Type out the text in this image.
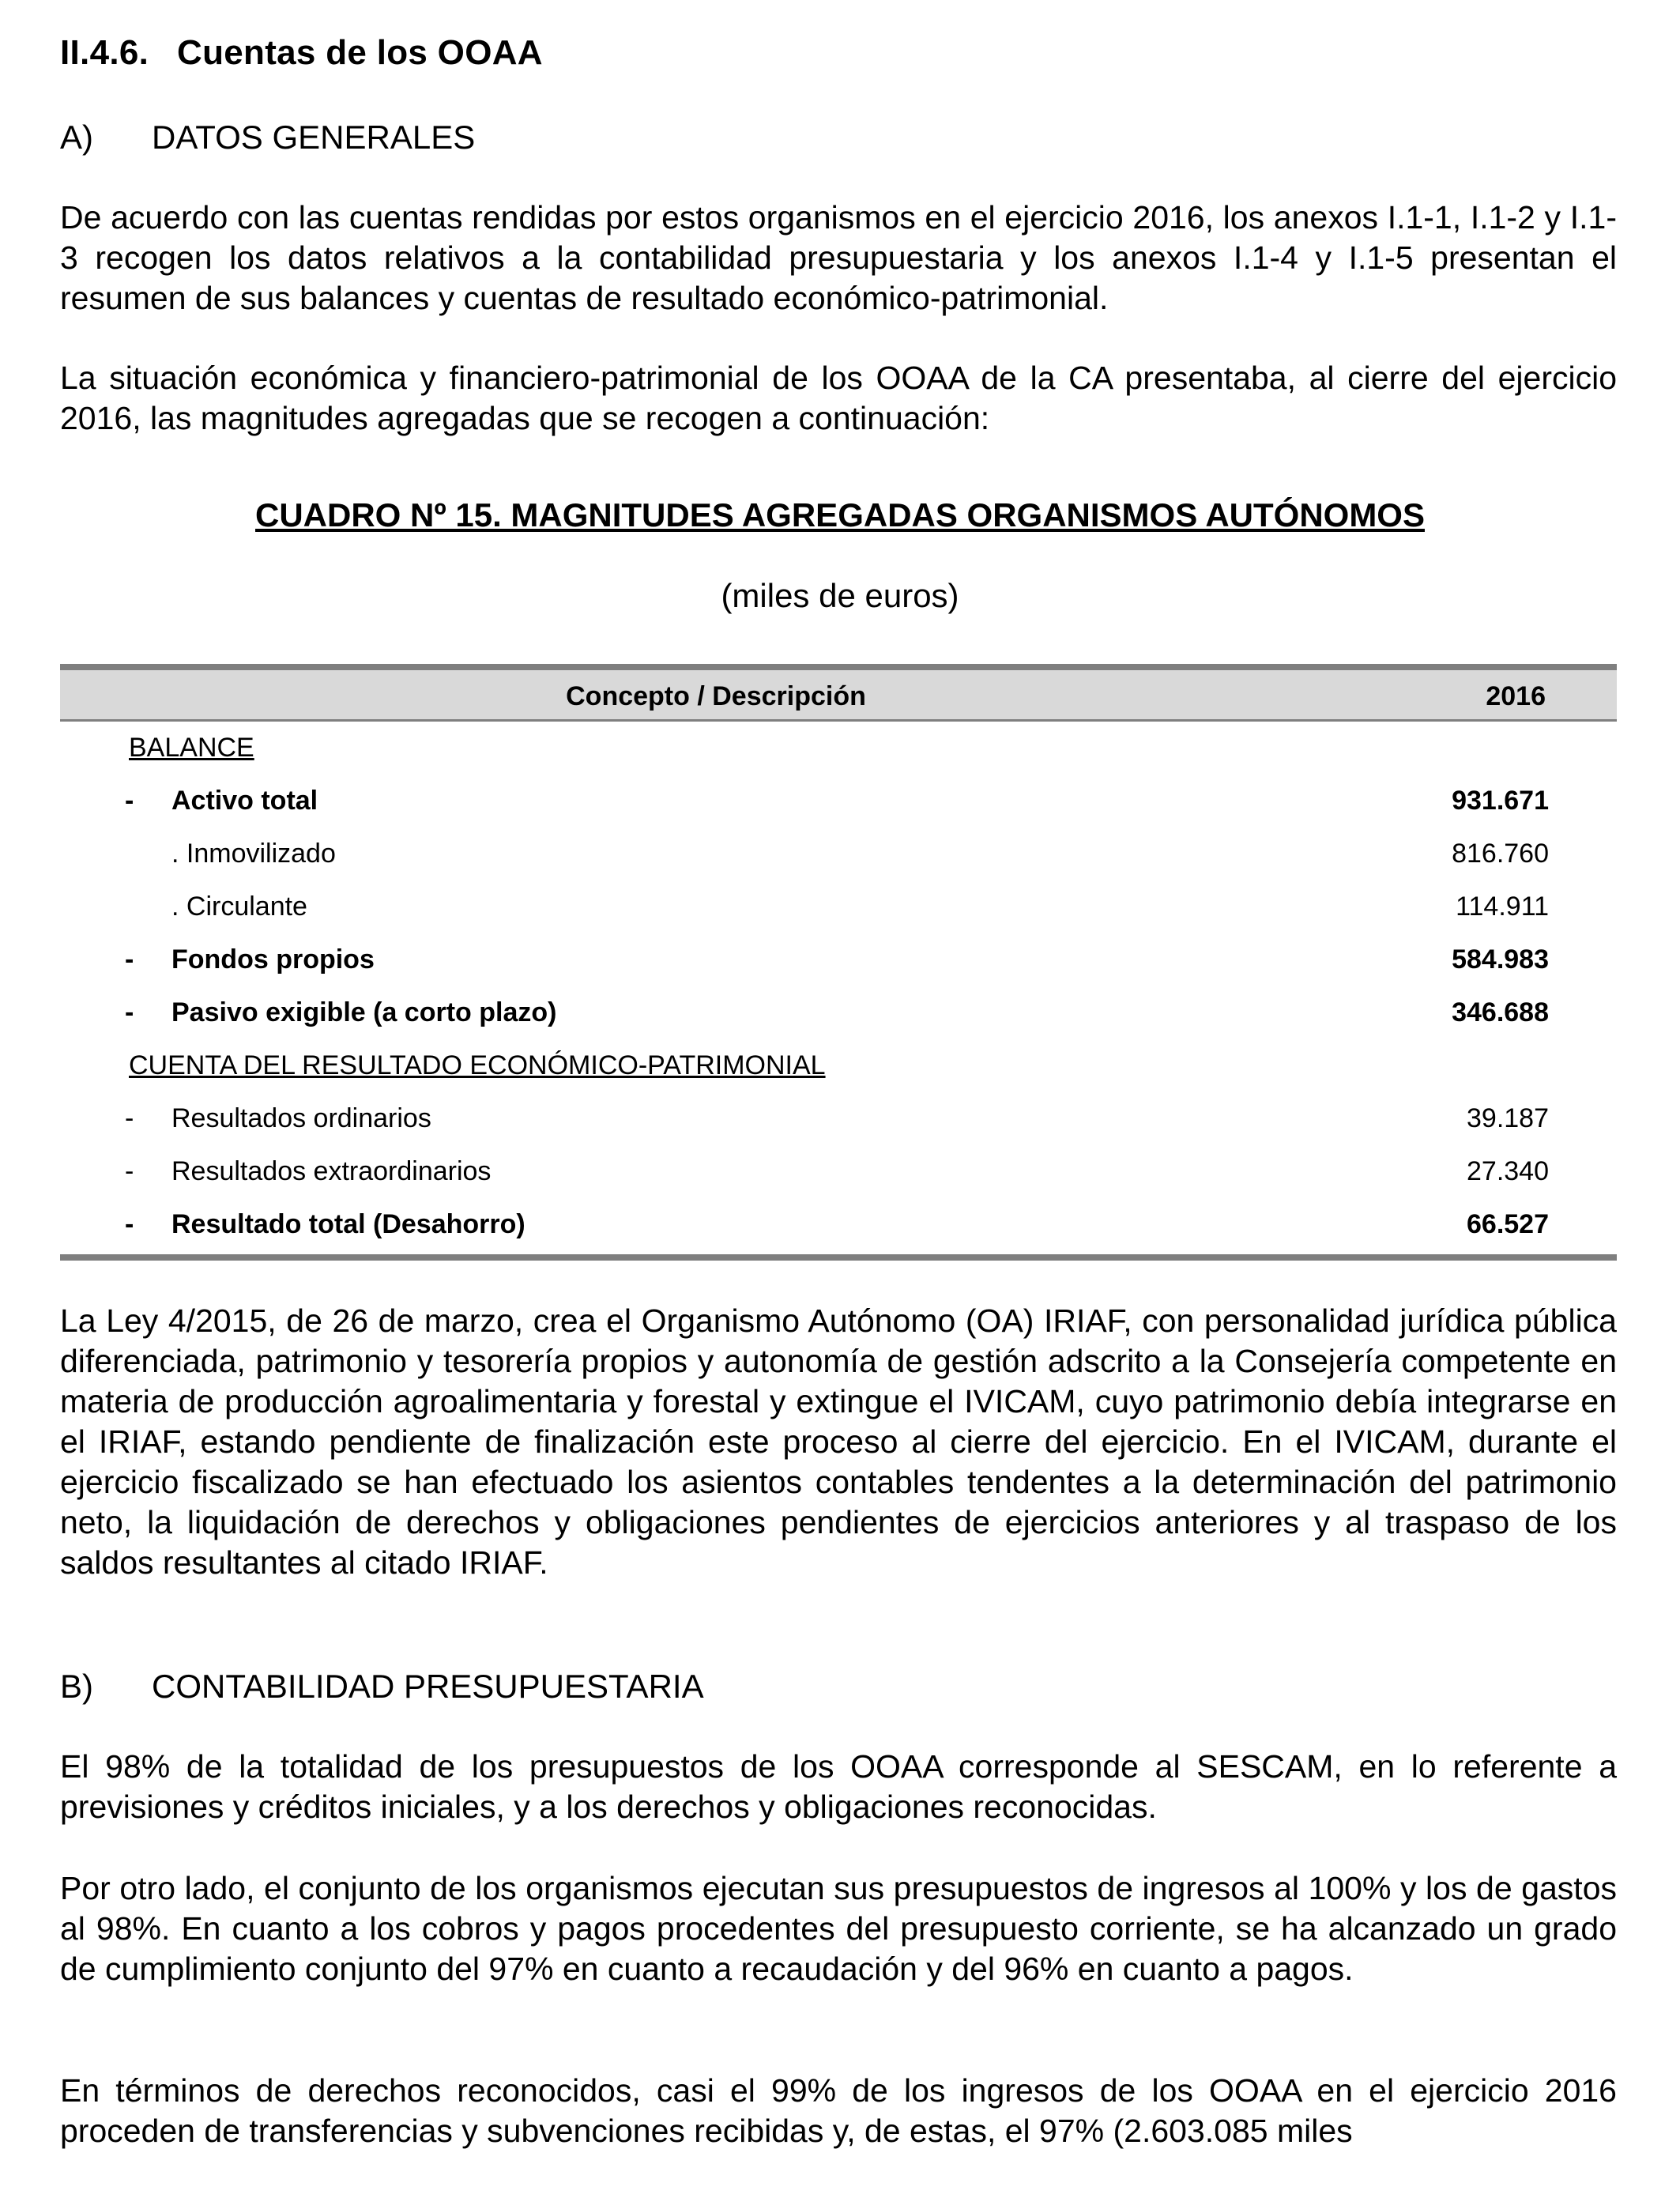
II.4.6. Cuentas de los OOAA
A) DATOS GENERALES

De acuerdo con las cuentas rendidas por estos organismos en el ejercicio 2016, los anexos I.1-1, I.1-2 y I.1-3 recogen los datos relativos a la contabilidad presupuestaria y los anexos I.1-4 y I.1-5 presentan el resumen de sus balances y cuentas de resultado económico-patrimonial.

La situación económica y financiero-patrimonial de los OOAA de la CA presentaba, al cierre del ejercicio 2016, las magnitudes agregadas que se recogen a continuación:

CUADRO Nº 15. MAGNITUDES AGREGADAS ORGANISMOS AUTÓNOMOS
(miles de euros)
Concepto / Descripción	2016
BALANCE
- Activo total	931.671
. Inmovilizado	816.760
. Circulante	114.911
- Fondos propios	584.983
- Pasivo exigible (a corto plazo)	346.688
CUENTA DEL RESULTADO ECONÓMICO-PATRIMONIAL
- Resultados ordinarios	39.187
- Resultados extraordinarios	27.340
- Resultado total (Desahorro)	66.527

La Ley 4/2015, de 26 de marzo, crea el Organismo Autónomo (OA) IRIAF, con personalidad jurídica pública diferenciada, patrimonio y tesorería propios y autonomía de gestión adscrito a la Consejería competente en materia de producción agroalimentaria y forestal y extingue el IVICAM, cuyo patrimonio debía integrarse en el IRIAF, estando pendiente de finalización este proceso al cierre del ejercicio. En el IVICAM, durante el ejercicio fiscalizado se han efectuado los asientos contables tendentes a la determinación del patrimonio neto, la liquidación de derechos y obligaciones pendientes de ejercicios anteriores y al traspaso de los saldos resultantes al citado IRIAF.

B) CONTABILIDAD PRESUPUESTARIA

El 98% de la totalidad de los presupuestos de los OOAA corresponde al SESCAM, en lo referente a previsiones y créditos iniciales, y a los derechos y obligaciones reconocidas.

Por otro lado, el conjunto de los organismos ejecutan sus presupuestos de ingresos al 100% y los de gastos al 98%. En cuanto a los cobros y pagos procedentes del presupuesto corriente, se ha alcanzado un grado de cumplimiento conjunto del 97% en cuanto a recaudación y del 96% en cuanto a pagos.

En términos de derechos reconocidos, casi el 99% de los ingresos de los OOAA en el ejercicio 2016 proceden de transferencias y subvenciones recibidas y, de estas, el 97% (2.603.085 miles
